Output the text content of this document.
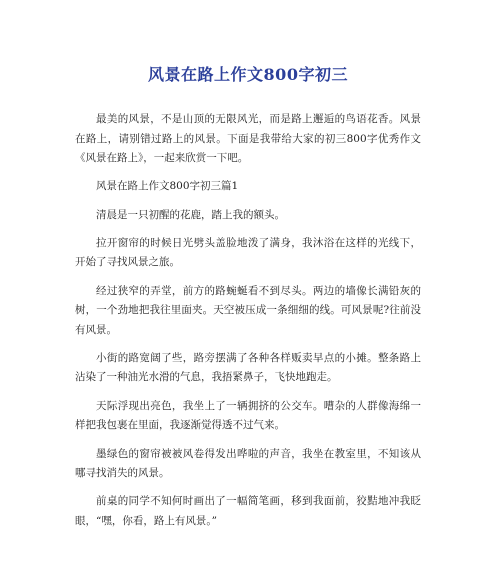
风景在路上作文800字初三

最美的风景，不是山顶的无限风光，而是路上邂逅的鸟语花香。风景在路上，请别错过路上的风景。下面是我带给大家的初三800字优秀作文《风景在路上》，一起来欣赏一下吧。

风景在路上作文800字初三篇1

清晨是一只初醒的花鹿，踏上我的额头。

拉开窗帘的时候日光劈头盖脸地泼了满身，我沐浴在这样的光线下，开始了寻找风景之旅。

经过狭窄的弄堂，前方的路蜿蜒看不到尽头。两边的墙像长满铅灰的树，一个劲地把我往里面夹。天空被压成一条细细的线。可风景呢?往前没有风景。

小街的路宽阔了些，路旁摆满了各种各样贩卖早点的小摊。整条路上沾染了一种油光水滑的气息，我捂紧鼻子，飞快地跑走。

天际浮现出亮色，我坐上了一辆拥挤的公交车。嘈杂的人群像海绵一样把我包裹在里面，我逐渐觉得透不过气来。

墨绿色的窗帘被被风卷得发出哗啦的声音，我坐在教室里，不知该从哪寻找消失的风景。

前桌的同学不知何时画出了一幅简笔画，移到我面前，狡黠地冲我眨眼，“嘿，你看，路上有风景。”
